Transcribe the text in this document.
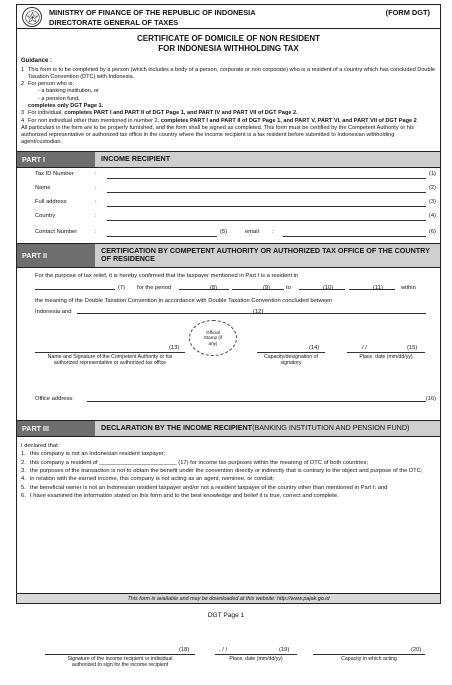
MINISTRY OF FINANCE OF THE REPUBLIC OF INDONESIA
DIRECTORATE GENERAL OF TAXES
(FORM DGT)
CERTIFICATE OF DOMICILE OF NON RESIDENT
FOR INDONESIA WITHHOLDING TAX
Guidance :
1 This form is to be completed by a person (which includes a body of a person, corporate or non corporate) who is a resident of a country which has concluded Double Taxation Convention (DTC) with Indonesia.
2 For person who is:
- a banking institution, or
- a pension fund,
completes only DGT Page 1.
3 For individual, completes PART I and PART II of DGT Page 1, and PART IV and PART VII of DGT Page 2.
4 For non individual other than mentioned in number 2, completes PART I and PART II of DGT Page 1, and PART V, PART VI, and PART VII of DGT Page 2
All particulars in the form are to be properly furnished, and the form shall be signed as completed. This form must be certified by the Competent Authority or his authorized representative or authorized tax office in the country where the income recipient is a tax resident before submitted to Indonesian withholding agent/custodian.
PART I	INCOME RECIPIENT
Tax ID Number	:	(1)
Name	:	(2)
Full address	:	(3)
Country	:	(4)
Contact Number	:	(5)	email :	(6)
PART II
CERTIFICATION BY COMPETENT AUTHORITY OR AUTHORIZED TAX OFFICE OF THE COUNTRY OF RESIDENCE
For the purpose of tax relief, it is hereby confirmed that the taxpayer mentioned in Part I is a resident in
(7) for the period	(8)	(9)	to	(10)	(11)	within
the meaning of the Double Taxation Convention in accordance with Double Taxation Convention concluded between
Indonesia and	(12)
Official
Stamp (if
any)
(13)	(14)	/ /	(15)
Name and Signature of the Competent Authority or his
authorized representative or authorized tax office
Capacity/designation of
signatory
Place, date (mm/dd/yy)
Office address:	(16)
PART III	DECLARATION BY THE INCOME RECIPIENT (BANKING INSTITUTION AND PENSION FUND)
I declared that:
1. this company is not an Indonesian resident taxpayer;
2. this company a resident of ________________________ (17) for income tax purposes within the meaning of DTC of both countries;
3. the purposes of the transaction is not to obtain the benefit under the convention directly or indirectly that is contrary to the object and purpose of the DTC;
4. in relation with the earned income, this company is not acting as an agent, nominee, or conduit;
5. the beneficial owner is not an Indonesian resident taxpayer and/or not a resident taxpayer of the country other than mentioned in Part I; and
6. I have examined the information stated on this form and to the best knowledge and belief it is true, correct and complete.
(18)	, / /	(19)	(20)
Signature of the income recipient or individual
authorized to sign for the income recipient
Place, date (mm/dd/yy)	Capacity in which acting
This form is available and may be downloaded at this website: http://www.pajak.go.id
DGT Page 1
